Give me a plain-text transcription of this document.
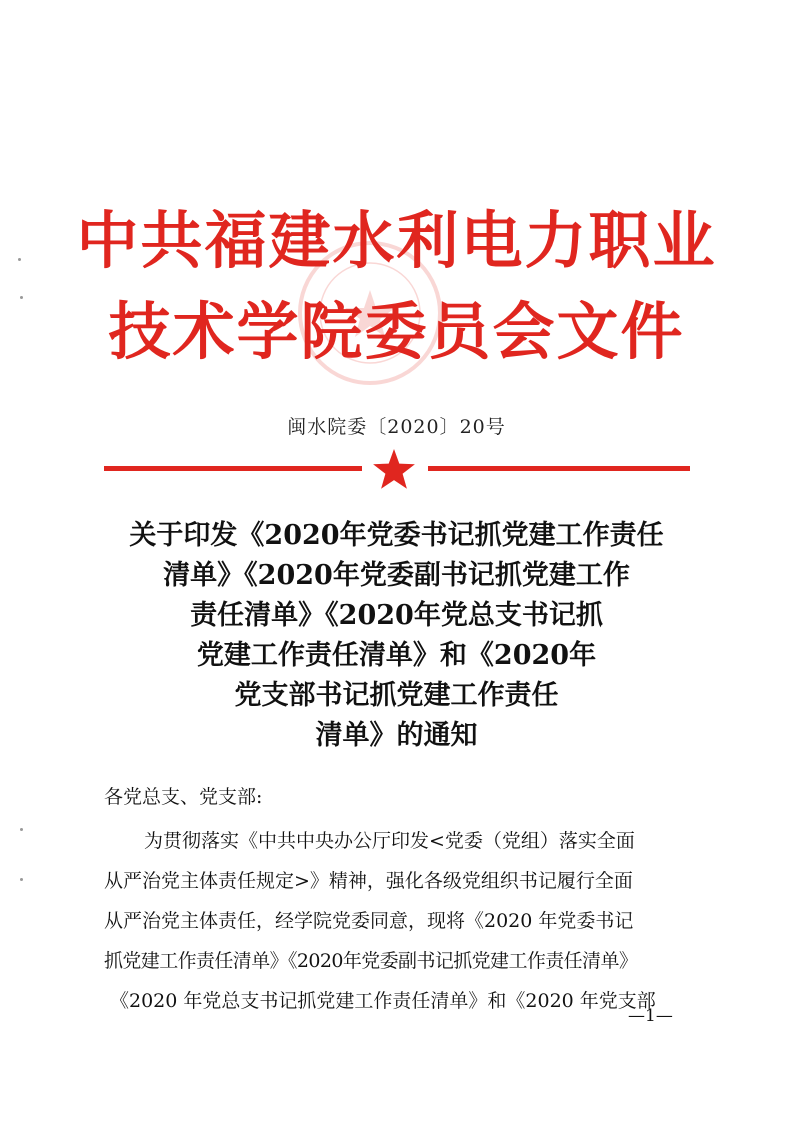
中共福建水利电力职业
技术学院委员会文件
闽水院委〔2020〕20号
关于印发《2020年党委书记抓党建工作责任
清单》《2020年党委副书记抓党建工作
责任清单》《2020年党总支书记抓
党建工作责任清单》和《2020年
党支部书记抓党建工作责任
清单》的通知
各党总支、党支部:
为贯彻落实《中共中央办公厅印发<党委（党组）落实全面
从严治党主体责任规定>》精神，强化各级党组织书记履行全面
从严治党主体责任，经学院党委同意，现将《2020 年党委书记
抓党建工作责任清单》《2020年党委副书记抓党建工作责任清单》
《2020 年党总支书记抓党建工作责任清单》和《2020 年党支部
—1—
